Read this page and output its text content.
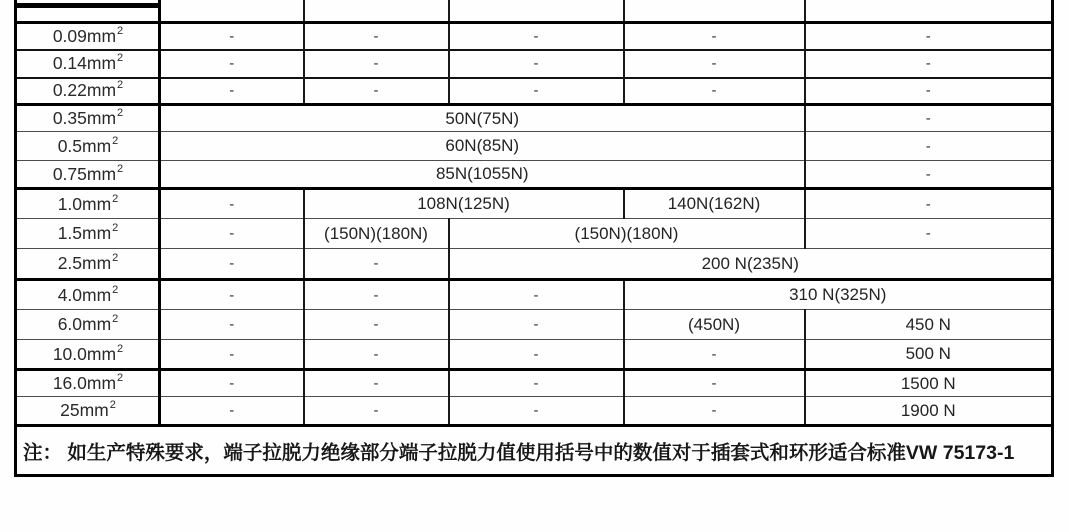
$0.09mm^2$	-	-	-	-	-
$0.14mm^2$	-	-	-	-	-
$0.22mm^2$	-	-	-	-	-
$0.35mm^2$	50N(75N)				-
$0.5mm^2$	60N(85N)				-
$0.75mm^2$	85N(1055N)				-
$1.0mm^2$	-	108N(125N)		140N(162N)	-
$1.5mm^2$	-	(150N)(180N)	(150N)(180N)		-
$2.5mm^2$	-	-	200 N(235N)		
$4.0mm^2$	-	-	-	310 N(325N)	
$6.0mm^2$	-	-	-	(450N)	450 N
$10.0mm^2$	-	-	-	-	500 N
$16.0mm^2$	-	-	-	-	1500 N
$25mm^2$	-	-	-	-	1900 N
注： 如生产特殊要求，端子拉脱力绝缘部分端子拉脱力值使用括号中的数值对于插套式和环形适合标准VW 75173-1					
